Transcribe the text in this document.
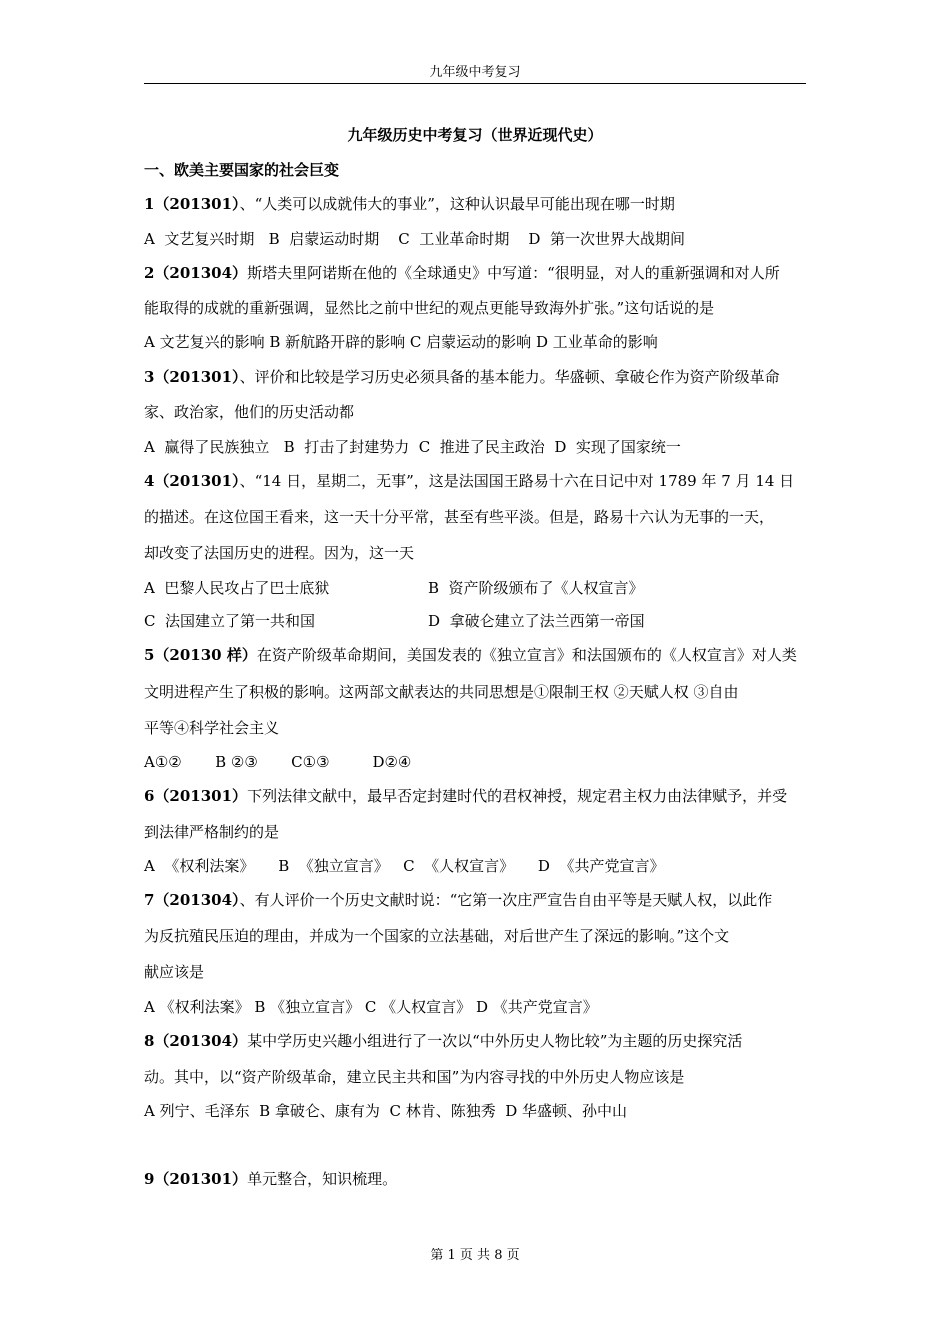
九年级中考复习
九年级历史中考复习（世界近现代史）
一、欧美主要国家的社会巨变
1（201301）、“人类可以成就伟大的事业”，这种认识最早可能出现在哪一时期
A  文艺复兴时期   B  启蒙运动时期    C  工业革命时期    D  第一次世界大战期间
2（201304）斯塔夫里阿诺斯在他的《全球通史》中写道：“很明显，对人的重新强调和对人所
能取得的成就的重新强调，显然比之前中世纪的观点更能导致海外扩张。”这句话说的是
A 文艺复兴的影响 B 新航路开辟的影响 C 启蒙运动的影响 D 工业革命的影响
3（201301）、评价和比较是学习历史必须具备的基本能力。华盛顿、拿破仑作为资产阶级革命
家、政治家，他们的历史活动都
A  赢得了民族独立   B  打击了封建势力  C  推进了民主政治  D  实现了国家统一
4（201301）、“14 日，星期二，无事”，这是法国国王路易十六在日记中对 1789 年 7 月 14 日
的描述。在这位国王看来，这一天十分平常，甚至有些平淡。但是，路易十六认为无事的一天，
却改变了法国历史的进程。因为，这一天
A  巴黎人民攻占了巴士底狱	B  资产阶级颁布了《人权宣言》
C  法国建立了第一共和国	D  拿破仑建立了法兰西第一帝国
5（20130 样）在资产阶级革命期间，美国发表的《独立宣言》和法国颁布的《人权宣言》对人类
文明进程产生了积极的影响。这两部文献表达的共同思想是①限制王权 ②天赋人权 ③自由
平等④科学社会主义
A①②       B ②③       C①③         D②④
6（201301）下列法律文献中，最早否定封建时代的君权神授，规定君主权力由法律赋予，并受
到法律严格制约的是
A  《权利法案》     B  《独立宣言》   C  《人权宣言》     D  《共产党宣言》
7（201304）、有人评价一个历史文献时说：“它第一次庄严宣告自由平等是天赋人权，以此作
为反抗殖民压迫的理由，并成为一个国家的立法基础，对后世产生了深远的影响。”这个文
献应该是
A 《权利法案》 B 《独立宣言》 C 《人权宣言》 D 《共产党宣言》
8（201304）某中学历史兴趣小组进行了一次以“中外历史人物比较”为主题的历史探究活
动。其中，以“资产阶级革命，建立民主共和国”为内容寻找的中外历史人物应该是
A 列宁、毛泽东  B 拿破仑、康有为  C 林肯、陈独秀  D 华盛顿、孙中山
9（201301）单元整合，知识梳理。
第 1 页 共 8 页
